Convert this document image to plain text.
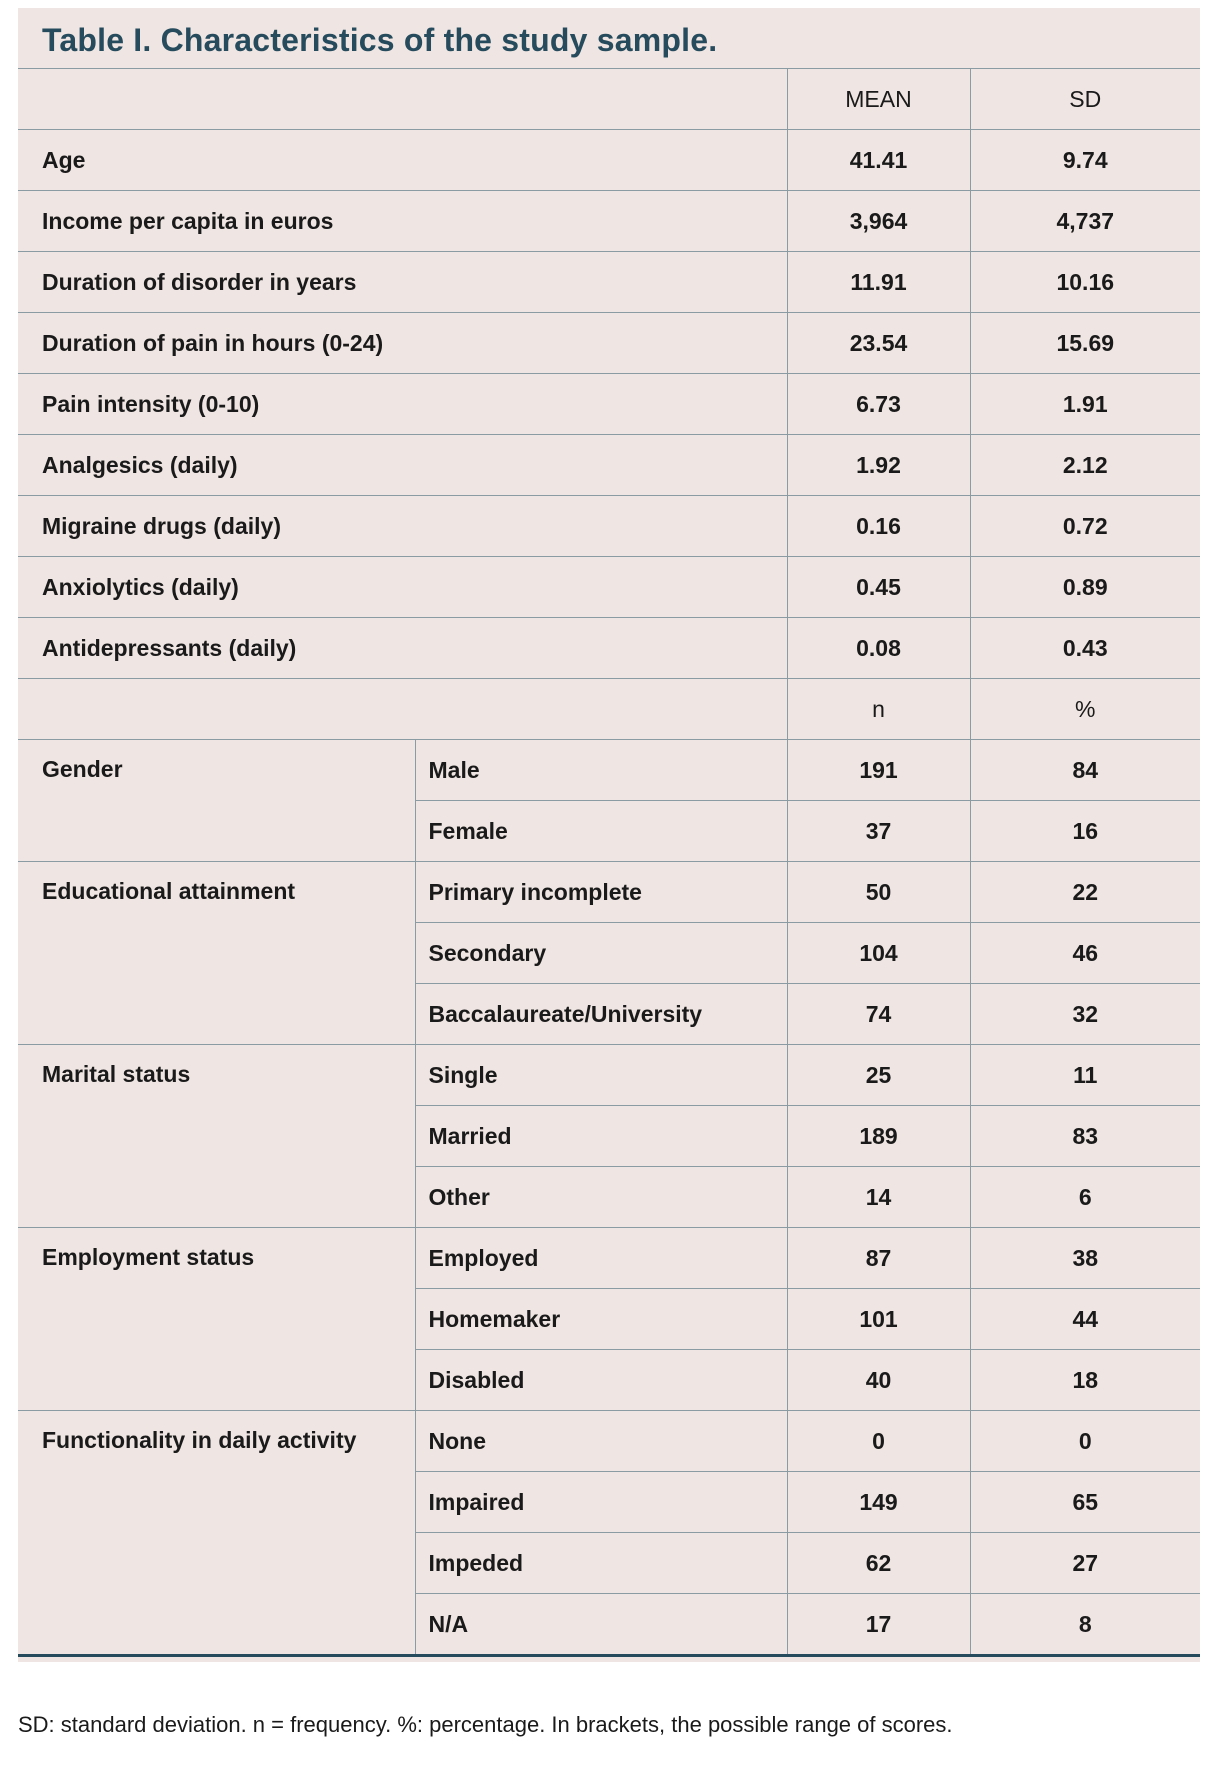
Table I. Characteristics of the study sample.
		MEAN	SD
Age		41.41	9.74
Income per capita in euros		3,964	4,737
Duration of disorder in years		11.91	10.16
Duration of pain in hours (0-24)		23.54	15.69
Pain intensity (0-10)		6.73	1.91
Analgesics (daily)		1.92	2.12
Migraine drugs (daily)		0.16	0.72
Anxiolytics (daily)		0.45	0.89
Antidepressants (daily)		0.08	0.43
		n	%
Gender	Male	191	84
	Female	37	16
Educational attainment	Primary incomplete	50	22
	Secondary	104	46
	Baccalaureate/University	74	32
Marital status	Single	25	11
	Married	189	83
	Other	14	6
Employment status	Employed	87	38
	Homemaker	101	44
	Disabled	40	18
Functionality in daily activity	None	0	0
	Impaired	149	65
	Impeded	62	27
	N/A	17	8
SD: standard deviation. n = frequency. %: percentage. In brackets, the possible range of scores.
